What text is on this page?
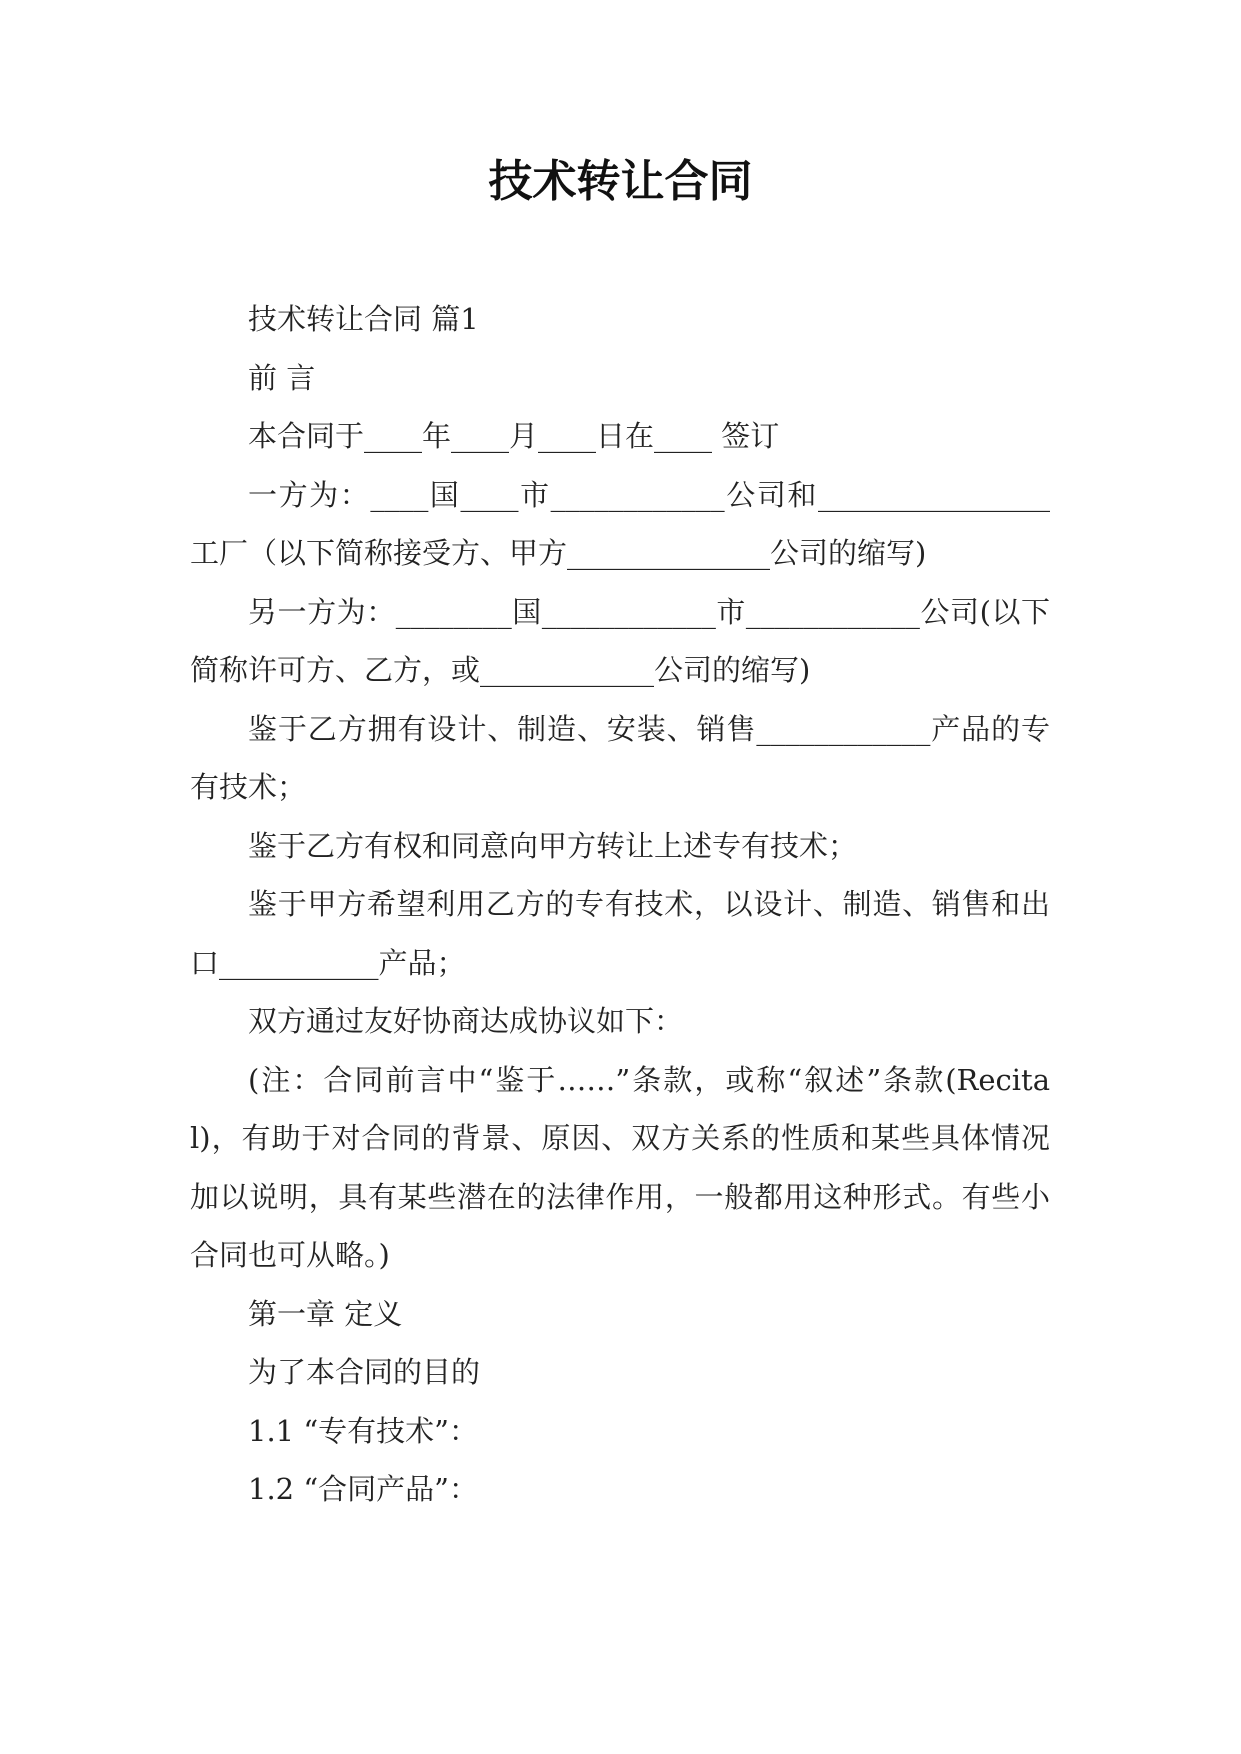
技术转让合同

技术转让合同 篇1

前 言

本合同于____年____月____日在____ 签订

一方为：____国____市____________公司和________________工厂（以下简称接受方、甲方______________公司的缩写)

另一方为：________国____________市____________公司(以下简称许可方、乙方，或____________公司的缩写)

鉴于乙方拥有设计、制造、安装、销售____________产品的专有技术；

鉴于乙方有权和同意向甲方转让上述专有技术；

鉴于甲方希望利用乙方的专有技术，以设计、制造、销售和出口___________产品；

双方通过友好协商达成协议如下：

(注：合同前言中“鉴于……”条款，或称“叙述”条款(Recital)，有助于对合同的背景、原因、双方关系的性质和某些具体情况加以说明，具有某些潜在的法律作用，一般都用这种形式。有些小合同也可从略。)

第一章 定义

为了本合同的目的

1.1 “专有技术”：

1.2 “合同产品”：
